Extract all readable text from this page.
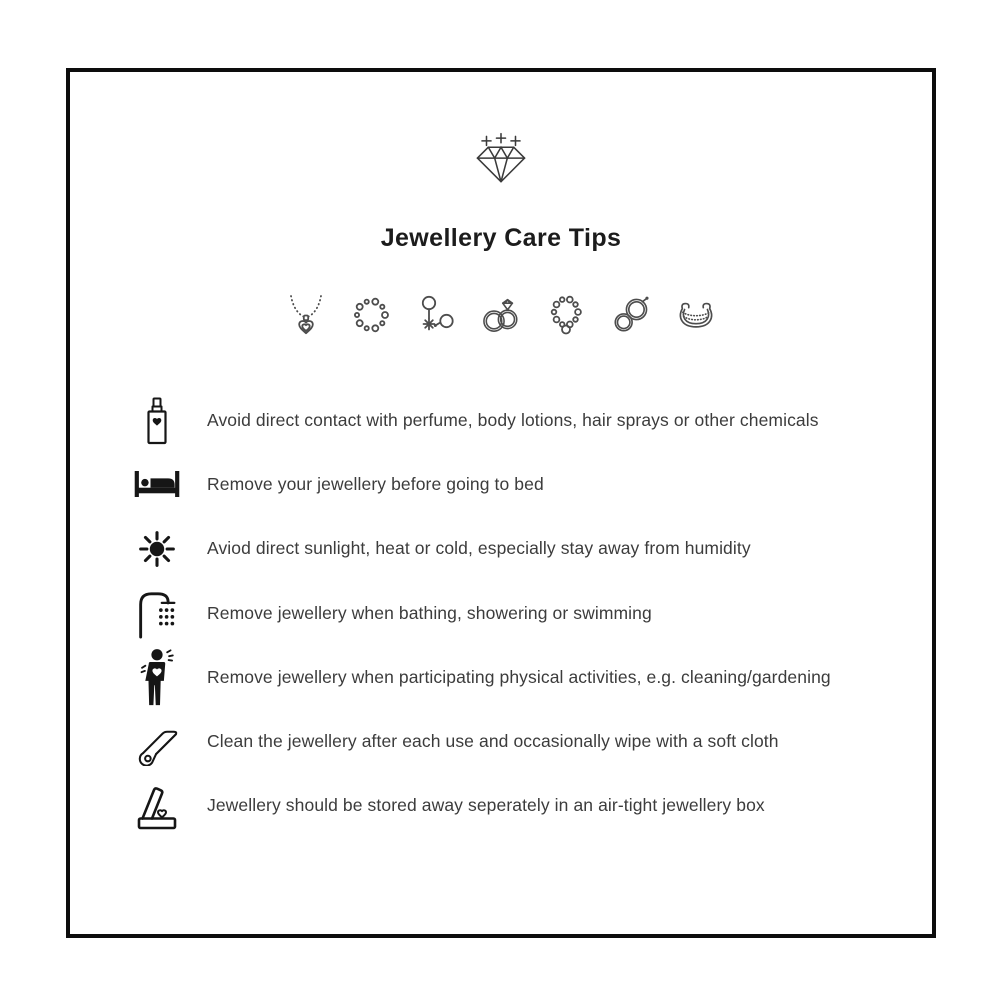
Jewellery Care Tips
Avoid direct contact with perfume, body lotions, hair sprays or other chemicals
Remove your jewellery before going to bed
Aviod direct sunlight, heat or cold, especially stay away from humidity
Remove jewellery when bathing, showering or swimming
Remove jewellery when participating physical activities, e.g. cleaning/gardening
Clean the jewellery after each use and occasionally wipe with a soft cloth
Jewellery should be stored away seperately in an air-tight jewellery box
